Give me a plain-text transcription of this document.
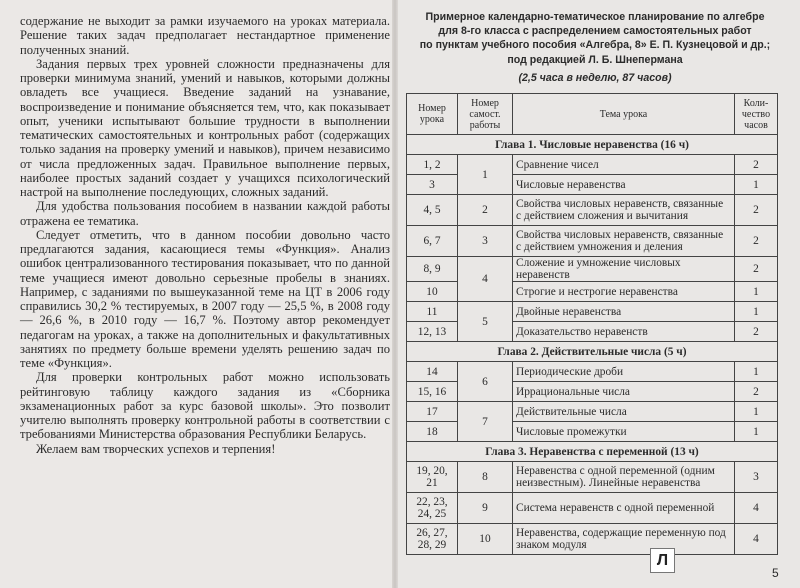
содержание не выходит за рамки изучаемого на уроках материала. Решение таких задач предполагает нестандартное применение полученных знаний.

Задания первых трех уровней сложности предназначены для проверки минимума знаний, умений и навыков, которыми должны овладеть все учащиеся. Введение заданий на узнавание, воспроизведение и понимание объясняется тем, что, как показывает опыт, ученики испытывают большие трудности в выполнении тематических самостоятельных и контрольных работ (содержащих только задания на проверку умений и навыков), причем независимо от числа предложенных задач. Правильное выполнение первых, наиболее простых заданий создает у учащихся психологический настрой на выполнение последующих, сложных заданий.

Для удобства пользования пособием в названии каждой работы отражена ее тематика.

Следует отметить, что в данном пособии довольно часто предлагаются задания, касающиеся темы «Функция». Анализ ошибок централизованного тестирования показывает, что по данной теме учащиеся имеют довольно серьезные пробелы в знаниях. Например, с заданиями по вышеуказанной теме на ЦТ в 2006 году справились 30,2 % тестируемых, в 2007 году — 25,5 %, в 2008 году — 26,6 %, в 2010 году — 16,7 %. Поэтому автор рекомендует педагогам на уроках, а также на дополнительных и факультативных занятиях по предмету больше времени уделять решению задач по теме «Функция».

Для проверки контрольных работ можно использовать рейтинговую таблицу каждого задания из «Сборника экзаменационных работ за курс базовой школы». Это позволит учителю выполнять проверку контрольной работы в соответствии с требованиями Министерства образования Республики Беларусь.

Желаем вам творческих успехов и терпения!

Примерное календарно-тематическое планирование по алгебре
для 8-го класса с распределением самостоятельных работ
по пунктам учебного пособия «Алгебра, 8» Е. П. Кузнецовой и др.;
под редакцией Л. Б. Шнепермана
(2,5 часа в неделю, 87 часов)
Номер
урока	Номер
самост.
работы	Тема урока	Коли-
чество
часов
Глава 1. Числовые неравенства (16 ч)			
1, 2	1	Сравнение чисел	2
3		Числовые неравенства	1
4, 5	2	Свойства числовых неравенств, связанные с действием сложения и вычитания	2
6, 7	3	Свойства числовых неравенств, связанные с действием умножения и деления	2
8, 9	4	Сложение и умножение числовых неравенств	2
10		Строгие и нестрогие неравенства	1
11	5	Двойные неравенства	1
12, 13		Доказательство неравенств	2
Глава 2. Действительные числа (5 ч)			
14	6	Периодические дроби	1
15, 16		Иррациональные числа	2
17	7	Действительные числа	1
18		Числовые промежутки	1
Глава 3. Неравенства с переменной (13 ч)			
19, 20, 21	8	Неравенства с одной переменной (одним неизвестным). Линейные неравенства	3
22, 23, 24, 25	9	Система неравенств с одной переменной	4
26, 27, 28, 29	10	Неравенства, содержащие переменную под знаком модуля	4
Л
5
